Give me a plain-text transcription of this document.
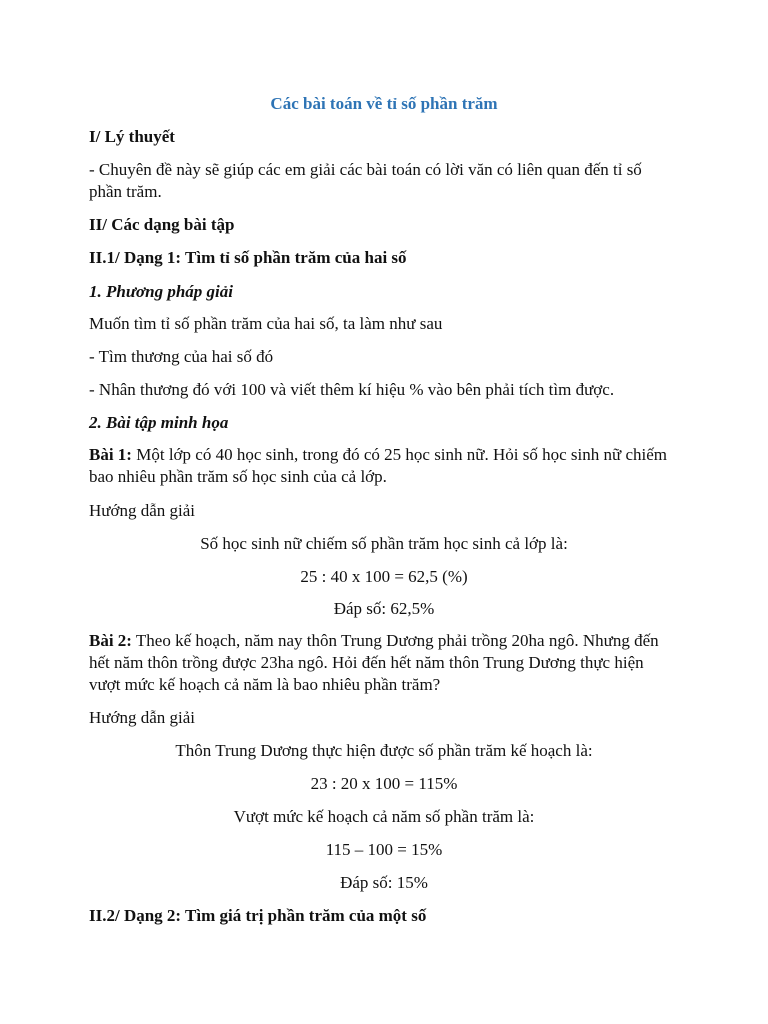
Các bài toán về tỉ số phần trăm
I/ Lý thuyết
- Chuyên đề này sẽ giúp các em giải các bài toán có lời văn có liên quan đến tỉ số phần trăm.
II/ Các dạng bài tập
II.1/ Dạng 1: Tìm tỉ số phần trăm của hai số
1. Phương pháp giải
Muốn tìm tỉ số phần trăm của hai số, ta làm như sau
- Tìm thương của hai số đó
- Nhân thương đó với 100 và viết thêm kí hiệu % vào bên phải tích tìm được.
2. Bài tập minh họa
Bài 1: Một lớp có 40 học sinh, trong đó có 25 học sinh nữ. Hỏi số học sinh nữ chiếm bao nhiêu phần trăm số học sinh của cả lớp.
Hướng dẫn giải
Số học sinh nữ chiếm số phần trăm học sinh cả lớp là:
25 : 40 x 100 = 62,5 (%)
Đáp số: 62,5%
Bài 2: Theo kế hoạch, năm nay thôn Trung Dương phải trồng 20ha ngô. Nhưng đến hết năm thôn trồng được 23ha ngô. Hỏi đến hết năm thôn Trung Dương thực hiện vượt mức kế hoạch cả năm là bao nhiêu phần trăm?
Hướng dẫn giải
Thôn Trung Dương thực hiện được số phần trăm kế hoạch là:
23 : 20 x 100 = 115%
Vượt mức kế hoạch cả năm số phần trăm là:
115 – 100 = 15%
Đáp số: 15%
II.2/ Dạng 2: Tìm giá trị phần trăm của một số
